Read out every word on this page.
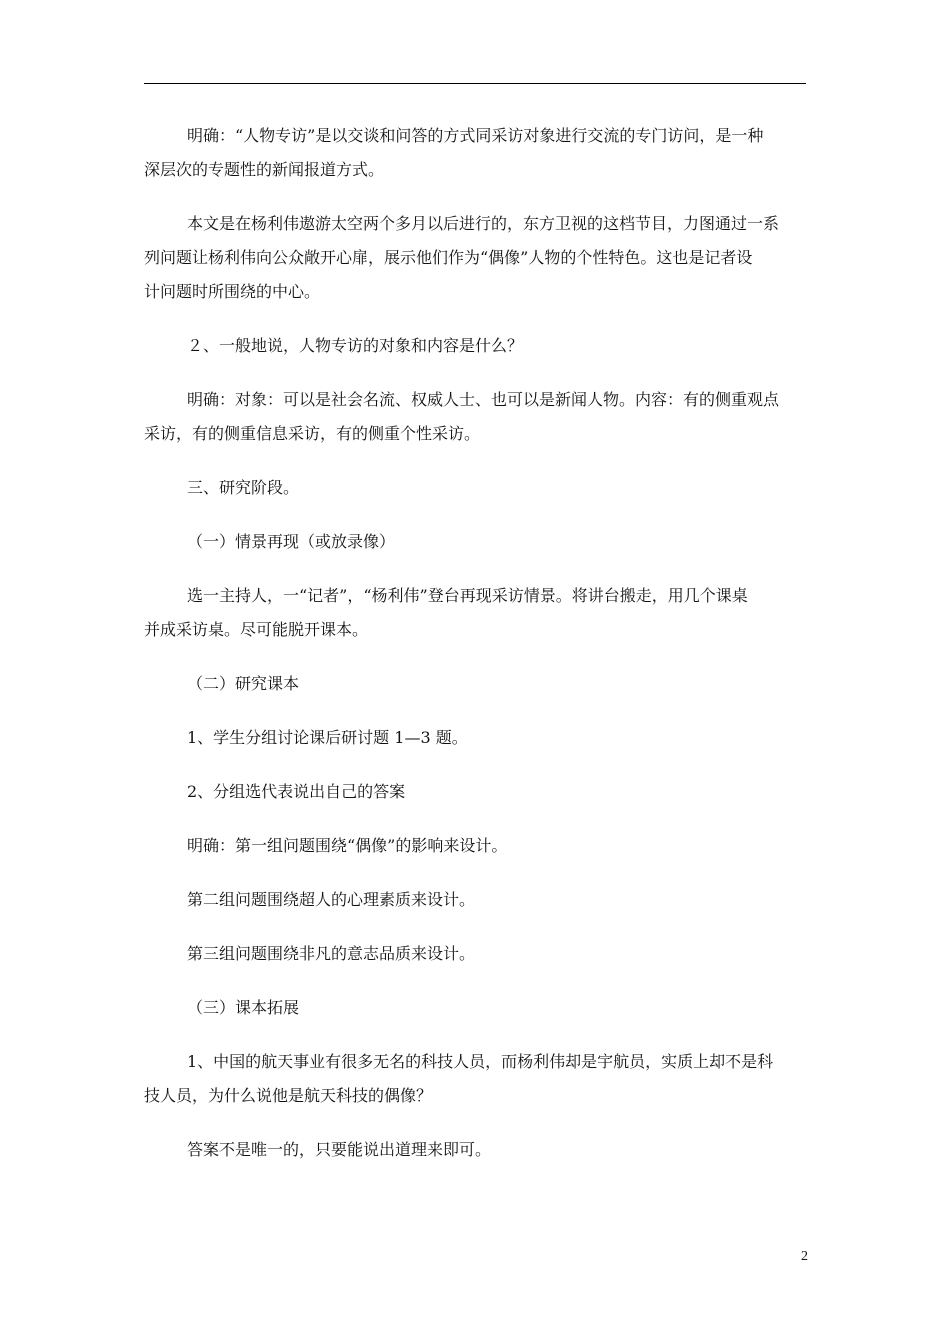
明确：“人物专访”是以交谈和问答的方式同采访对象进行交流的专门访问，是一种
深层次的专题性的新闻报道方式。

本文是在杨利伟遨游太空两个多月以后进行的，东方卫视的这档节目，力图通过一系
列问题让杨利伟向公众敞开心扉，展示他们作为“偶像”人物的个性特色。这也是记者设
计问题时所围绕的中心。

２、一般地说，人物专访的对象和内容是什么？

明确：对象：可以是社会名流、权威人士、也可以是新闻人物。内容：有的侧重观点
采访，有的侧重信息采访，有的侧重个性采访。

三、研究阶段。

（一）情景再现（或放录像）

选一主持人，一“记者”，“杨利伟”登台再现采访情景。将讲台搬走，用几个课桌
并成采访桌。尽可能脱开课本。

（二）研究课本

1、学生分组讨论课后研讨题 1—3 题。

2、分组选代表说出自己的答案

明确：第一组问题围绕“偶像”的影响来设计。

第二组问题围绕超人的心理素质来设计。

第三组问题围绕非凡的意志品质来设计。

（三）课本拓展

1、中国的航天事业有很多无名的科技人员，而杨利伟却是宇航员，实质上却不是科
技人员，为什么说他是航天科技的偶像？

答案不是唯一的，只要能说出道理来即可。

2
